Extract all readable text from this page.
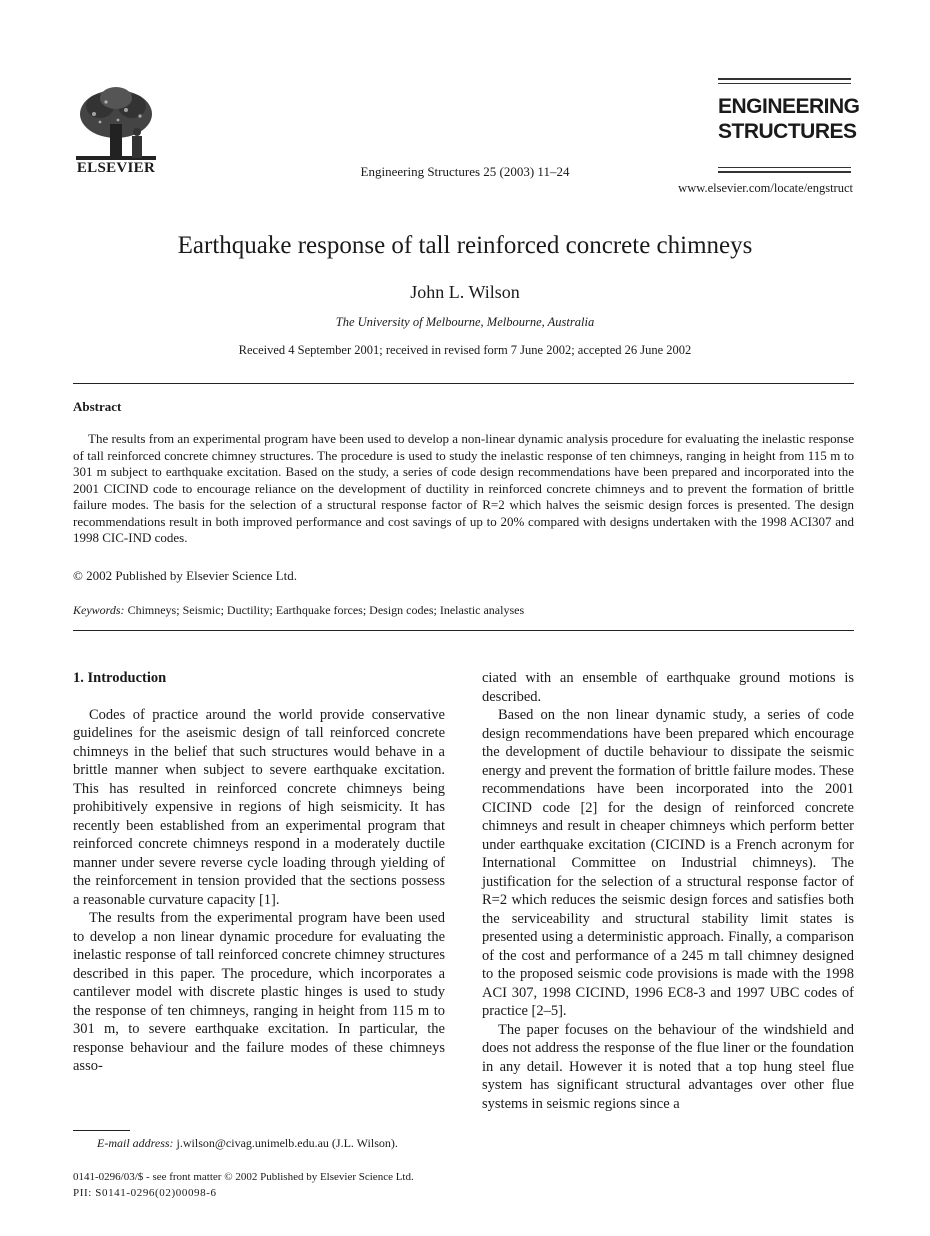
ELSEVIER	Engineering Structures 25 (2003) 11–24
www.elsevier.com/locate/engstruct
ENGINEERING
STRUCTURES
Earthquake response of tall reinforced concrete chimneys
John L. Wilson
The University of Melbourne, Melbourne, Australia
Received 4 September 2001; received in revised form 7 June 2002; accepted 26 June 2002
Abstract

The results from an experimental program have been used to develop a non-linear dynamic analysis procedure for evaluating the inelastic response of tall reinforced concrete chimney structures. The procedure is used to study the inelastic response of ten chimneys, ranging in height from 115 m to 301 m subject to earthquake excitation. Based on the study, a series of code design recommendations have been prepared and incorporated into the 2001 CICIND code to encourage reliance on the development of ductility in reinforced concrete chimneys and to prevent the formation of brittle failure modes. The basis for the selection of a structural response factor of R=2 which halves the seismic design forces is presented. The design recommendations result in both improved performance and cost savings of up to 20% compared with designs undertaken with the 1998 ACI307 and 1998 CIC-IND codes.

© 2002 Published by Elsevier Science Ltd.
Keywords: Chimneys; Seismic; Ductility; Earthquake forces; Design codes; Inelastic analyses

1. Introduction

Codes of practice around the world provide conservative guidelines for the aseismic design of tall reinforced concrete chimneys in the belief that such structures would behave in a brittle manner when subject to severe earthquake excitation. This has resulted in reinforced concrete chimneys being prohibitively expensive in regions of high seismicity. It has recently been established from an experimental program that reinforced concrete chimneys respond in a moderately ductile manner under severe reverse cycle loading through yielding of the reinforcement in tension provided that the sections possess a reasonable curvature capacity [1].

The results from the experimental program have been used to develop a non linear dynamic procedure for evaluating the inelastic response of tall reinforced concrete chimney structures described in this paper. The procedure, which incorporates a cantilever model with discrete plastic hinges is used to study the response of ten chimneys, ranging in height from 115 m to 301 m, to severe earthquake excitation. In particular, the response behaviour and the failure modes of these chimneys asso-

ciated with an ensemble of earthquake ground motions is described.

Based on the non linear dynamic study, a series of code design recommendations have been prepared which encourage the development of ductile behaviour to dissipate the seismic energy and prevent the formation of brittle failure modes. These recommendations have been incorporated into the 2001 CICIND code [2] for the design of reinforced concrete chimneys and result in cheaper chimneys which perform better under earthquake excitation (CICIND is a French acronym for International Committee on Industrial chimneys). The justification for the selection of a structural response factor of R=2 which reduces the seismic design forces and satisfies both the serviceability and structural stability limit states is presented using a deterministic approach. Finally, a comparison of the cost and performance of a 245 m tall chimney designed to the proposed seismic code provisions is made with the 1998 ACI 307, 1998 CICIND, 1996 EC8-3 and 1997 UBC codes of practice [2–5].

The paper focuses on the behaviour of the windshield and does not address the response of the flue liner or the foundation in any detail. However it is noted that a top hung steel flue system has significant structural advantages over other flue systems in seismic regions since a

E-mail address: j.wilson@civag.unimelb.edu.au (J.L. Wilson).
0141-0296/03/$ - see front matter © 2002 Published by Elsevier Science Ltd.
PII: S0141-0296(02)00098-6
